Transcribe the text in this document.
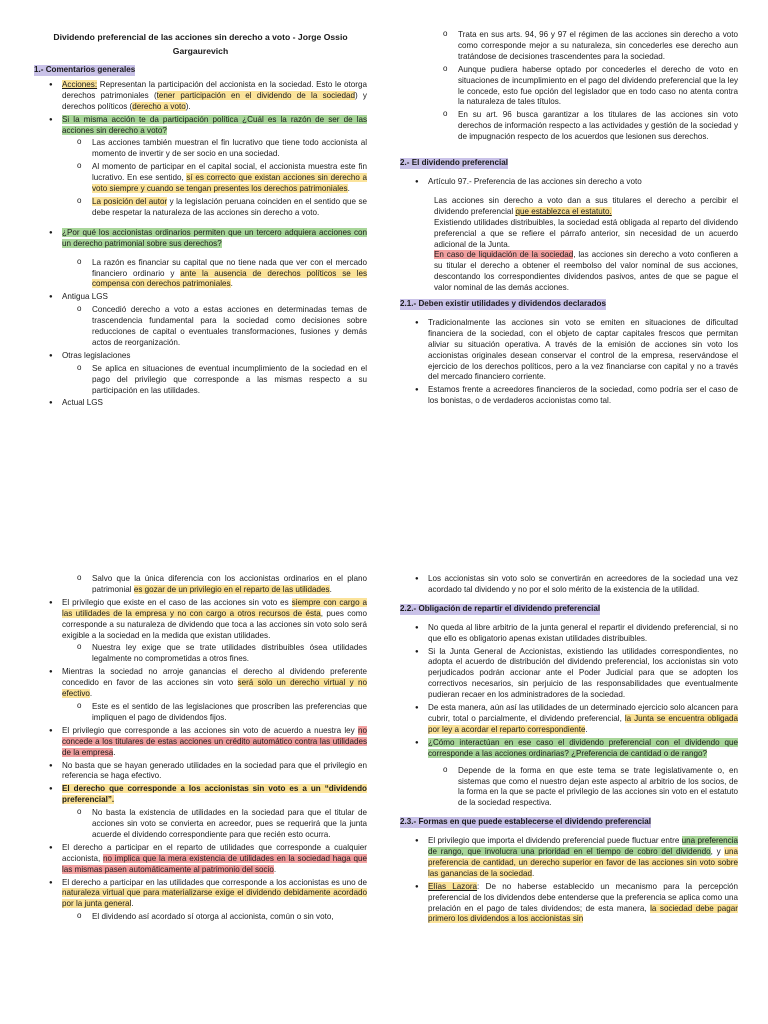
Dividendo preferencial de las acciones sin derecho a voto - Jorge Ossio Gargaurevich
1.- Comentarios generales
● Acciones: Representan la participación del accionista en la sociedad. Esto le otorga derechos patrimoniales (tener participación en el dividendo de la sociedad) y derechos políticos (derecho a voto).
● Si la misma acción te da participación política ¿Cuál es la razón de ser de las acciones sin derecho a voto?
o Las acciones también muestran el fin lucrativo que tiene todo accionista al momento de invertir y de ser socio en una sociedad.
o Al momento de participar en el capital social, el accionista muestra este fin lucrativo. En ese sentido, sí es correcto que existan acciones sin derecho a voto siempre y cuando se tengan presentes los derechos patrimoniales.
o La posición del autor y la legislación peruana coinciden en el sentido que se debe respetar la naturaleza de las acciones sin derecho a voto.
● ¿Por qué los accionistas ordinarios permiten que un tercero adquiera acciones con un derecho patrimonial sobre sus derechos?
o La razón es financiar su capital que no tiene nada que ver con el mercado financiero ordinario y ante la ausencia de derechos políticos se les compensa con derechos patrimoniales.
● Antigua LGS
o Concedió derecho a voto a estas acciones en determinadas temas de trascendencia fundamental para la sociedad como decisiones sobre reducciones de capital o eventuales transformaciones, fusiones y demás actos de reorganización.
● Otras legislaciones
o Se aplica en situaciones de eventual incumplimiento de la sociedad en el pago del privilegio que corresponde a las mismas respecto a su participación en las utilidades.
● Actual LGS
o Trata en sus arts. 94, 96 y 97 el régimen de las acciones sin derecho a voto como corresponde mejor a su naturaleza, sin concederles ese derecho aun tratándose de decisiones trascendentes para la sociedad.
o Aunque pudiera haberse optado por concederles el derecho de voto en situaciones de incumplimiento en el pago del dividendo preferencial que la ley le concede, esto fue opción del legislador que en todo caso no atenta contra la naturaleza de tales títulos.
o En su art. 96 busca garantizar a los titulares de las acciones sin voto derechos de información respecto a las actividades y gestión de la sociedad y de impugnación respecto de los acuerdos que lesionen sus derechos.
2.- El dividendo preferencial
● Artículo 97.- Preferencia de las acciones sin derecho a voto
Las acciones sin derecho a voto dan a sus titulares el derecho a percibir el dividendo preferencial que establezca el estatuto.
Existiendo utilidades distribuibles, la sociedad está obligada al reparto del dividendo preferencial a que se refiere el párrafo anterior, sin necesidad de un acuerdo adicional de la Junta.
En caso de liquidación de la sociedad, las acciones sin derecho a voto confieren a su titular el derecho a obtener el reembolso del valor nominal de sus acciones, descontando los correspondientes dividendos pasivos, antes de que se pague el valor nominal de las demás acciones.
2.1.- Deben existir utilidades y dividendos declarados
● Tradicionalmente las acciones sin voto se emiten en situaciones de dificultad financiera de la sociedad, con el objeto de captar capitales frescos que permitan aliviar su situación operativa. A través de la emisión de acciones sin voto los accionistas originales desean conservar el control de la empresa, reservándose el ejercicio de los derechos políticos, pero a la vez financiarse con capital y no a través del mercado financiero corriente.
● Estamos frente a acreedores financieros de la sociedad, como podría ser el caso de los bonistas, o de verdaderos accionistas como tal.
o Salvo que la única diferencia con los accionistas ordinarios en el plano patrimonial es gozar de un privilegio en el reparto de las utilidades.
● El privilegio que existe en el caso de las acciones sin voto es siempre con cargo a las utilidades de la empresa y no con cargo a otros recursos de ésta, pues como corresponde a su naturaleza de dividendo que toca a las acciones sin voto solo será exigible a la sociedad en la medida que existan utilidades.
o Nuestra ley exige que se trate utilidades distribuibles ósea utilidades legalmente no comprometidas a otros fines.
● Mientras la sociedad no arroje ganancias el derecho al dividendo preferente concedido en favor de las acciones sin voto será solo un derecho virtual y no efectivo.
o Este es el sentido de las legislaciones que proscriben las preferencias que impliquen el pago de dividendos fijos.
● El privilegio que corresponde a las acciones sin voto de acuerdo a nuestra ley no concede a los titulares de estas acciones un crédito automático contra las utilidades de la empresa.
● No basta que se hayan generado utilidades en la sociedad para que el privilegio en referencia se haga efectivo.
● El derecho que corresponde a los accionistas sin voto es a un “dividendo preferencial”.
o No basta la existencia de utilidades en la sociedad para que el titular de acciones sin voto se convierta en acreedor, pues se requerirá que la junta acuerde el dividendo correspondiente para que recién esto ocurra.
● El derecho a participar en el reparto de utilidades que corresponde a cualquier accionista, no implica que la mera existencia de utilidades en la sociedad haga que las mismas pasen automáticamente al patrimonio del socio.
● El derecho a participar en las utilidades que corresponde a los accionistas es uno de naturaleza virtual que para materializarse exige el dividendo debidamente acordado por la junta general.
o El dividendo así acordado sí otorga al accionista, común o sin voto,
● Los accionistas sin voto solo se convertirán en acreedores de la sociedad una vez acordado tal dividendo y no por el solo mérito de la existencia de la utilidad.
2.2.- Obligación de repartir el dividendo preferencial
● No queda al libre arbitrio de la junta general el repartir el dividendo preferencial, si no que ello es obligatorio apenas existan utilidades distribuibles.
● Si la Junta General de Accionistas, existiendo las utilidades correspondientes, no adopta el acuerdo de distribución del dividendo preferencial, los accionistas sin voto perjudicados podrán accionar ante el Poder Judicial para que se adopten los correctivos necesarios, sin perjuicio de las responsabilidades que eventualmente pudieran recaer en los administradores de la sociedad.
● De esta manera, aún así las utilidades de un determinado ejercicio solo alcancen para cubrir, total o parcialmente, el dividendo preferencial, la Junta se encuentra obligada por ley a acordar el reparto correspondiente.
● ¿Cómo interactúan en ese caso el dividendo preferencial con el dividendo que corresponde a las acciones ordinarias? ¿Preferencia de cantidad o de rango?
o Depende de la forma en que este tema se trate legislativamente o, en sistemas que como el nuestro dejan este aspecto al arbitrio de los socios, de la forma en la que se pacte el privilegio de las acciones sin voto en el estatuto de la sociedad respectiva.
2.3.- Formas en que puede establecerse el dividendo preferencial
● El privilegio que importa el dividendo preferencial puede fluctuar entre una preferencia de rango, que involucra una prioridad en el tiempo de cobro del dividendo, y una preferencia de cantidad, un derecho superior en favor de las acciones sin voto sobre las ganancias de la sociedad.
● Elías Lazora: De no haberse establecido un mecanismo para la percepción preferencial de los dividendos debe entenderse que la preferencia se aplica como una prelación en el pago de tales dividendos; de esta manera, la sociedad debe pagar primero los dividendos a los accionistas sin
